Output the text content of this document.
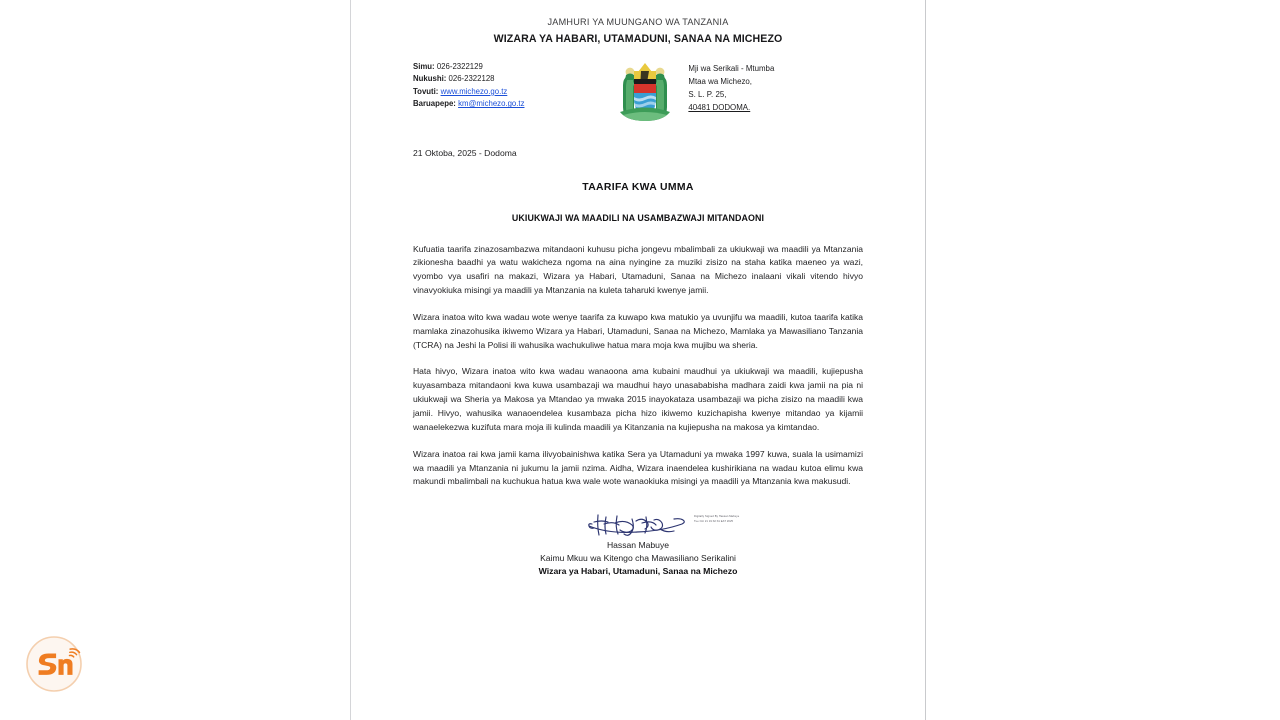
JAMHURI YA MUUNGANO WA TANZANIA
WIZARA YA HABARI, UTAMADUNI, SANAA NA MICHEZO
Simu: 026-2322129
Nukushi: 026-2322128
Tovuti: www.michezo.go.tz
Baruapepe: km@michezo.go.tz
Mji wa Serikali - Mtumba
Mtaa wa Michezo,
S. L. P. 25,
40481 DODOMA.
21 Oktoba, 2025 - Dodoma
TAARIFA KWA UMMA
UKIUKWAJI WA MAADILI NA USAMBAZWAJI MITANDAONI

Kufuatia taarifa zinazosambazwa mitandaoni kuhusu picha jongevu mbalimbali za ukiukwaji wa maadili ya Mtanzania zikionesha baadhi ya watu wakicheza ngoma na aina nyingine za muziki zisizo na staha katika maeneo ya wazi, vyombo vya usafiri na makazi, Wizara ya Habari, Utamaduni, Sanaa na Michezo inalaani vikali vitendo hivyo vinavyokiuka misingi ya maadili ya Mtanzania na kuleta taharuki kwenye jamii.

Wizara inatoa wito kwa wadau wote wenye taarifa za kuwapo kwa matukio ya uvunjifu wa maadili, kutoa taarifa katika mamlaka zinazohusika ikiwemo Wizara ya Habari, Utamaduni, Sanaa na Michezo, Mamlaka ya Mawasiliano Tanzania (TCRA) na Jeshi la Polisi ili wahusika wachukuliwe hatua mara moja kwa mujibu wa sheria.

Hata hivyo, Wizara inatoa wito kwa wadau wanaoona ama kubaini maudhui ya ukiukwaji wa maadili, kujiepusha kuyasambaza mitandaoni kwa kuwa usambazaji wa maudhui hayo unasababisha madhara zaidi kwa jamii na pia ni ukiukwaji wa Sheria ya Makosa ya Mtandao ya mwaka 2015 inayokataza usambazaji wa picha zisizo na maadili kwa jamii. Hivyo, wahusika wanaoendelea kusambaza picha hizo ikiwemo kuzichapisha kwenye mitandao ya kijamii wanaelekezwa kuzifuta mara moja ili kulinda maadili ya Kitanzania na kujiepusha na makosa ya kimtandao.

Wizara inatoa rai kwa jamii kama ilivyobainishwa katika Sera ya Utamaduni ya mwaka 1997 kuwa, suala la usimamizi wa maadili ya Mtanzania ni jukumu la jamii nzima. Aidha, Wizara inaendelea kushirikiana na wadau kutoa elimu kwa makundi mbalimbali na kuchukua hatua kwa wale wote wanaokiuka misingi ya maadili ya Mtanzania kwa makusudi.

Digitally Signed By Hassan Mabuye
Tue Oct 21 19:32:31 EAT 2025
Hassan Mabuye
Kaimu Mkuu wa Kitengo cha Mawasiliano Serikalini
Wizara ya Habari, Utamaduni, Sanaa na Michezo
